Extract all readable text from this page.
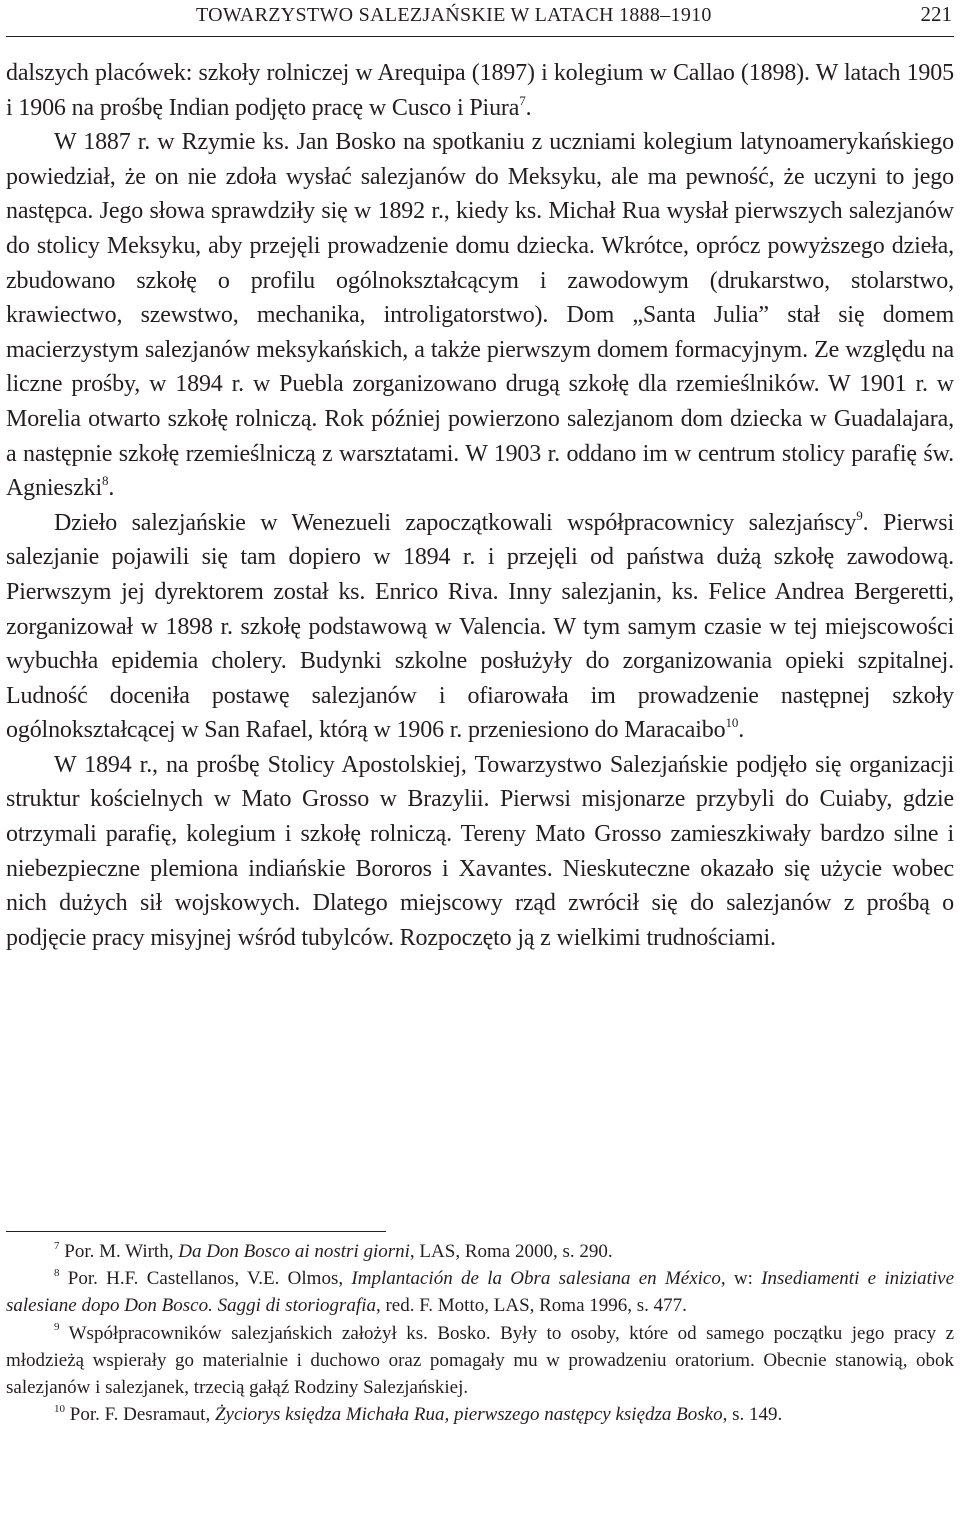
TOWARZYSTWO SALEZJAŃSKIE W LATACH 1888–1910	221

dalszych placówek: szkoły rolniczej w Arequipa (1897) i kolegium w Callao (1898). W latach 1905 i 1906 na prośbę Indian podjęto pracę w Cusco i Piura$^7$.

W 1887 r. w Rzymie ks. Jan Bosko na spotkaniu z uczniami kolegium latynoamerykańskiego powiedział, że on nie zdoła wysłać salezjanów do Meksyku, ale ma pewność, że uczyni to jego następca. Jego słowa sprawdziły się w 1892 r., kiedy ks. Michał Rua wysłał pierwszych salezjanów do stolicy Meksyku, aby przejęli prowadzenie domu dziecka. Wkrótce, oprócz powyższego dzieła, zbudowano szkołę o profilu ogólnokształcącym i zawodowym (drukarstwo, stolarstwo, krawiectwo, szewstwo, mechanika, introligatorstwo). Dom „Santa Julia” stał się domem macierzystym salezjanów meksykańskich, a także pierwszym domem formacyjnym. Ze względu na liczne prośby, w 1894 r. w Puebla zorganizowano drugą szkołę dla rzemieślników. W 1901 r. w Morelia otwarto szkołę rolniczą. Rok później powierzono salezjanom dom dziecka w Guadalajara, a następnie szkołę rzemieślniczą z warsztatami. W 1903 r. oddano im w centrum stolicy parafię św. Agnieszki$^8$.

Dzieło salezjańskie w Wenezueli zapoczątkowali współpracownicy salezjańscy$^9$. Pierwsi salezjanie pojawili się tam dopiero w 1894 r. i przejęli od państwa dużą szkołę zawodową. Pierwszym jej dyrektorem został ks. Enrico Riva. Inny salezjanin, ks. Felice Andrea Bergeretti, zorganizował w 1898 r. szkołę podstawową w Valencia. W tym samym czasie w tej miejscowości wybuchła epidemia cholery. Budynki szkolne posłużyły do zorganizowania opieki szpitalnej. Ludność doceniła postawę salezjanów i ofiarowała im prowadzenie następnej szkoły ogólnokształcącej w San Rafael, którą w 1906 r. przeniesiono do Maracaibo$^{10}$.

W 1894 r., na prośbę Stolicy Apostolskiej, Towarzystwo Salezjańskie podjęło się organizacji struktur kościelnych w Mato Grosso w Brazylii. Pierwsi misjonarze przybyli do Cuiaby, gdzie otrzymali parafię, kolegium i szkołę rolniczą. Tereny Mato Grosso zamieszkiwały bardzo silne i niebezpieczne plemiona indiańskie Bororos i Xavantes. Nieskuteczne okazało się użycie wobec nich dużych sił wojskowych. Dlatego miejscowy rząd zwrócił się do salezjanów z prośbą o podjęcie pracy misyjnej wśród tubylców. Rozpoczęto ją z wielkimi trudnościami.

$^7$ Por. M. Wirth, Da Don Bosco ai nostri giorni, LAS, Roma 2000, s. 290.

$^8$ Por. H.F. Castellanos, V.E. Olmos, Implantación de la Obra salesiana en México, w: Insediamenti e iniziative salesiane dopo Don Bosco. Saggi di storiografia, red. F. Motto, LAS, Roma 1996, s. 477.

$^9$ Współpracowników salezjańskich założył ks. Bosko. Były to osoby, które od samego początku jego pracy z młodzieżą wspierały go materialnie i duchowo oraz pomagały mu w prowadzeniu oratorium. Obecnie stanowią, obok salezjanów i salezjanek, trzecią gałąź Rodziny Salezjańskiej.

$^{10}$ Por. F. Desramaut, Życiorys księdza Michała Rua, pierwszego następcy księdza Bosko, s. 149.
